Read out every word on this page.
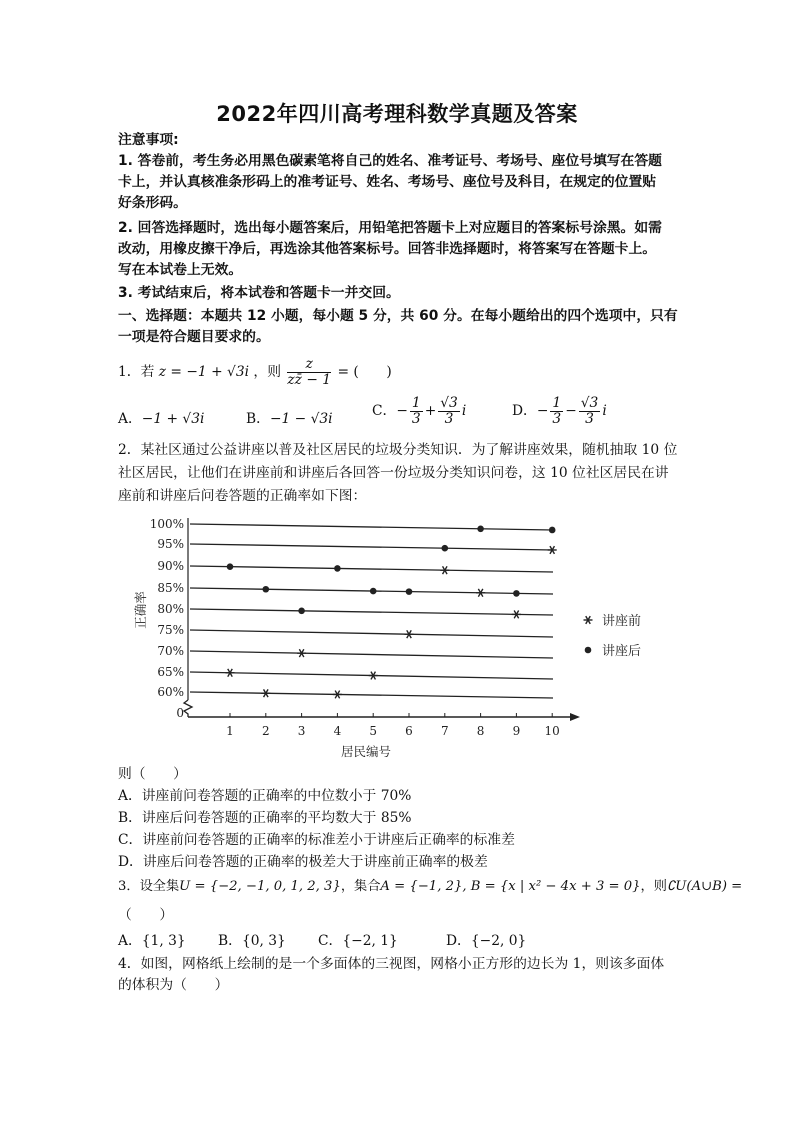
2022年四川高考理科数学真题及答案
注意事项:
1. 答卷前，考生务必用黑色碳素笔将自己的姓名、准考证号、考场号、座位号填写在答题
卡上，并认真核准条形码上的准考证号、姓名、考场号、座位号及科目，在规定的位置贴
好条形码。
2. 回答选择题时，选出每小题答案后，用铅笔把答题卡上对应题目的答案标号涂黑。如需
改动，用橡皮擦干净后，再选涂其他答案标号。回答非选择题时，将答案写在答题卡上。
写在本试卷上无效。
3. 考试结束后，将本试卷和答题卡一并交回。
一、选择题：本题共 12 小题，每小题 5 分，共 60 分。在每小题给出的四个选项中，只有
一项是符合题目要求的。
1．若 z = −1 + √3i ，则 $\frac{z}{zz̄ - 1}$ = (　　)
A．−1 + √3i	B．−1 − √3i	C．− $\frac{1}{3} + \frac{√3}{3}$ i	D．− $\frac{1}{3} - \frac{√3}{3}$ i
2．某社区通过公益讲座以普及社区居民的垃圾分类知识．为了解讲座效果，随机抽取 10 位
社区居民，让他们在讲座前和讲座后各回答一份垃圾分类知识问卷，这 10 位社区居民在讲
座前和讲座后问卷答题的正确率如下图：
100%
95%
90%
85%
80%
75%
70%
65%
60%
0
1 2 3 4 5 6 7 8 9 10
居民编号
正确率	讲座前
讲座后
则（　　）
A．讲座前问卷答题的正确率的中位数小于 70%
B．讲座后问卷答题的正确率的平均数大于 85%
C．讲座前问卷答题的正确率的标准差小于讲座后正确率的标准差
D．讲座后问卷答题的正确率的极差大于讲座前正确率的极差
3．设全集U = {−2, −1, 0, 1, 2, 3}，集合A = {−1, 2}, B = {x | x² − 4x + 3 = 0}，则∁U(A∪B) =
（　　）
A．{1, 3} B．{0, 3} C．{−2, 1}	D．{−2, 0}
4．如图，网格纸上绘制的是一个多面体的三视图，网格小正方形的边长为 1，则该多面体
的体积为（　　）
